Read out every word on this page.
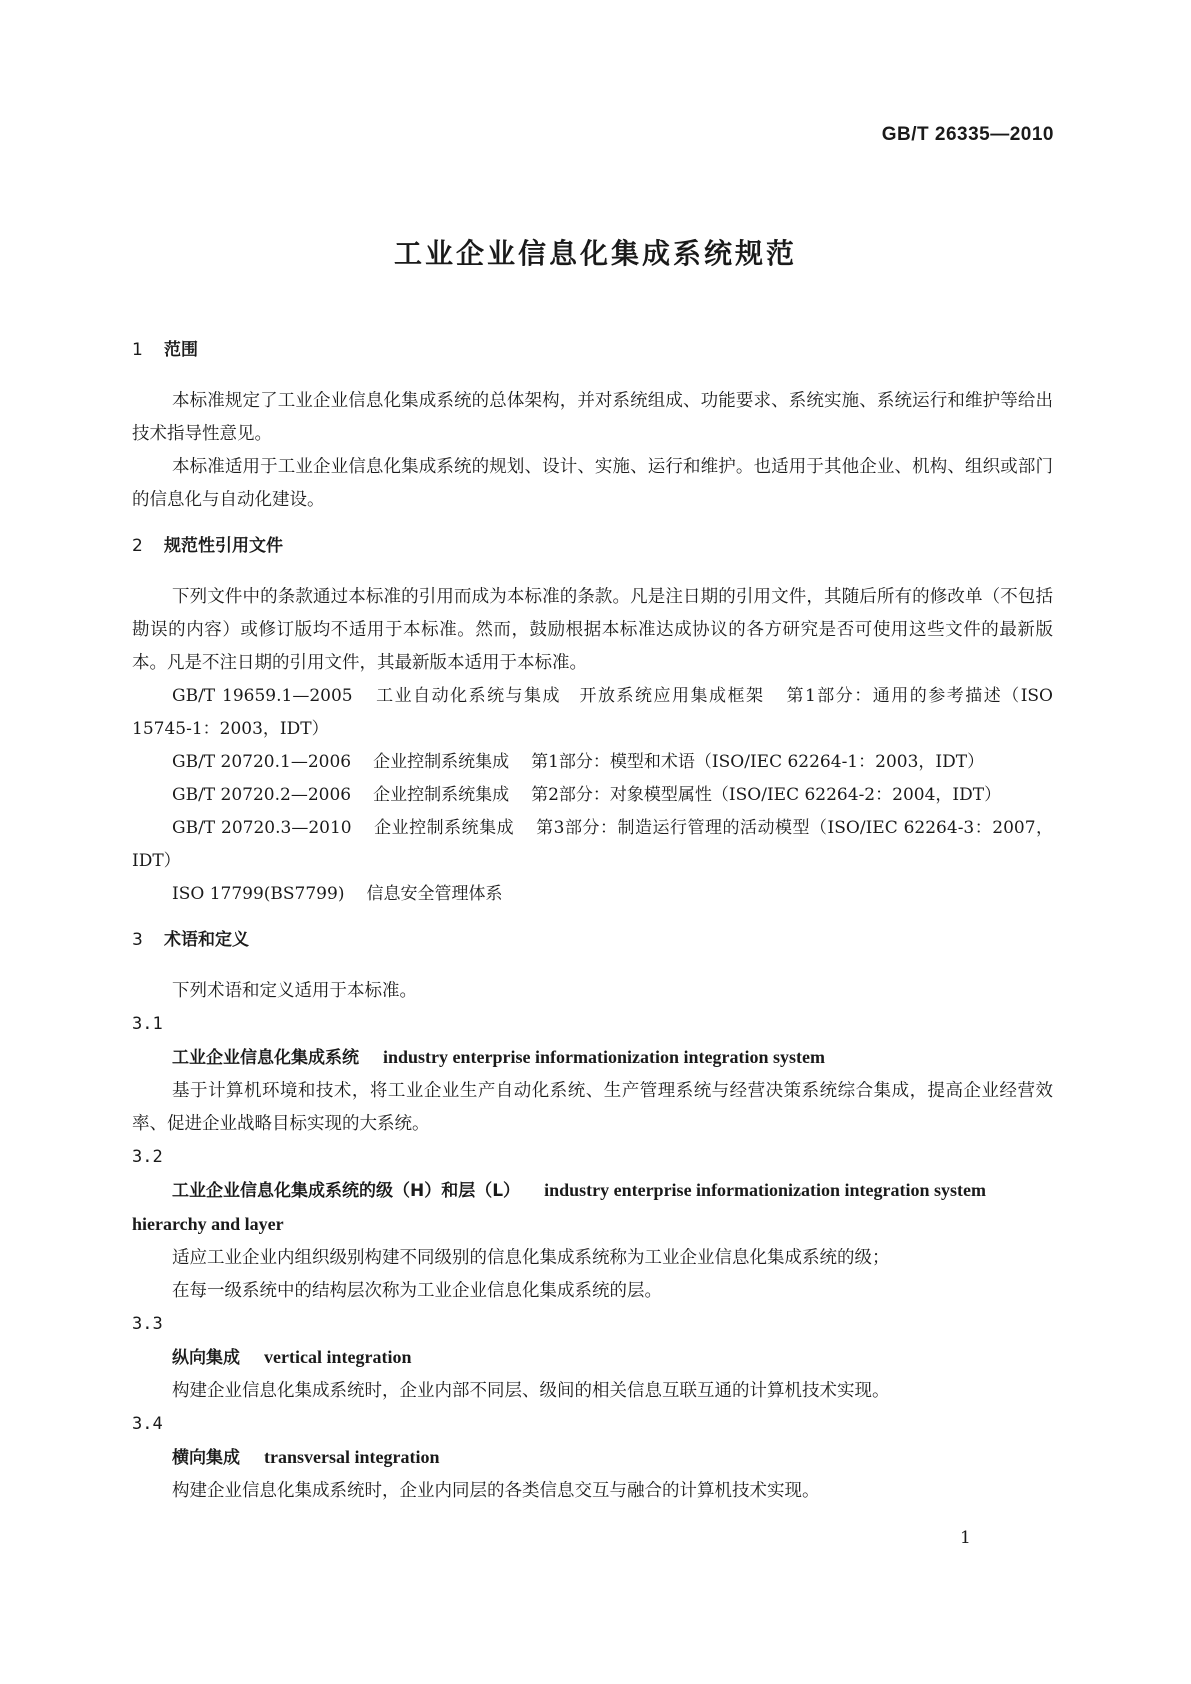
GB/T 26335—2010
工业企业信息化集成系统规范

1 范围

本标准规定了工业企业信息化集成系统的总体架构，并对系统组成、功能要求、系统实施、系统运行和维护等给出技术指导性意见。

本标准适用于工业企业信息化集成系统的规划、设计、实施、运行和维护。也适用于其他企业、机构、组织或部门的信息化与自动化建设。

2 规范性引用文件

下列文件中的条款通过本标准的引用而成为本标准的条款。凡是注日期的引用文件，其随后所有的修改单（不包括勘误的内容）或修订版均不适用于本标准。然而，鼓励根据本标准达成协议的各方研究是否可使用这些文件的最新版本。凡是不注日期的引用文件，其最新版本适用于本标准。

GB/T 19659.1—2005 工业自动化系统与集成　开放系统应用集成框架 第1部分：通用的参考描述（ISO 15745-1：2003，IDT）

GB/T 20720.1—2006 企业控制系统集成 第1部分：模型和术语（ISO/IEC 62264-1：2003，IDT）

GB/T 20720.2—2006 企业控制系统集成 第2部分：对象模型属性（ISO/IEC 62264-2：2004，IDT）

GB/T 20720.3—2010 企业控制系统集成 第3部分：制造运行管理的活动模型（ISO/IEC 62264-3：2007，IDT）

ISO 17799(BS7799) 信息安全管理体系

3 术语和定义

下列术语和定义适用于本标准。

3.1

工业企业信息化集成系统 industry enterprise informationization integration system

基于计算机环境和技术，将工业企业生产自动化系统、生产管理系统与经营决策系统综合集成，提高企业经营效率、促进企业战略目标实现的大系统。

3.2

工业企业信息化集成系统的级（H）和层（L） industry enterprise informationization integration system hierarchy and layer

适应工业企业内组织级别构建不同级别的信息化集成系统称为工业企业信息化集成系统的级；

在每一级系统中的结构层次称为工业企业信息化集成系统的层。

3.3

纵向集成 vertical integration

构建企业信息化集成系统时，企业内部不同层、级间的相关信息互联互通的计算机技术实现。

3.4

横向集成 transversal integration

构建企业信息化集成系统时，企业内同层的各类信息交互与融合的计算机技术实现。

1
